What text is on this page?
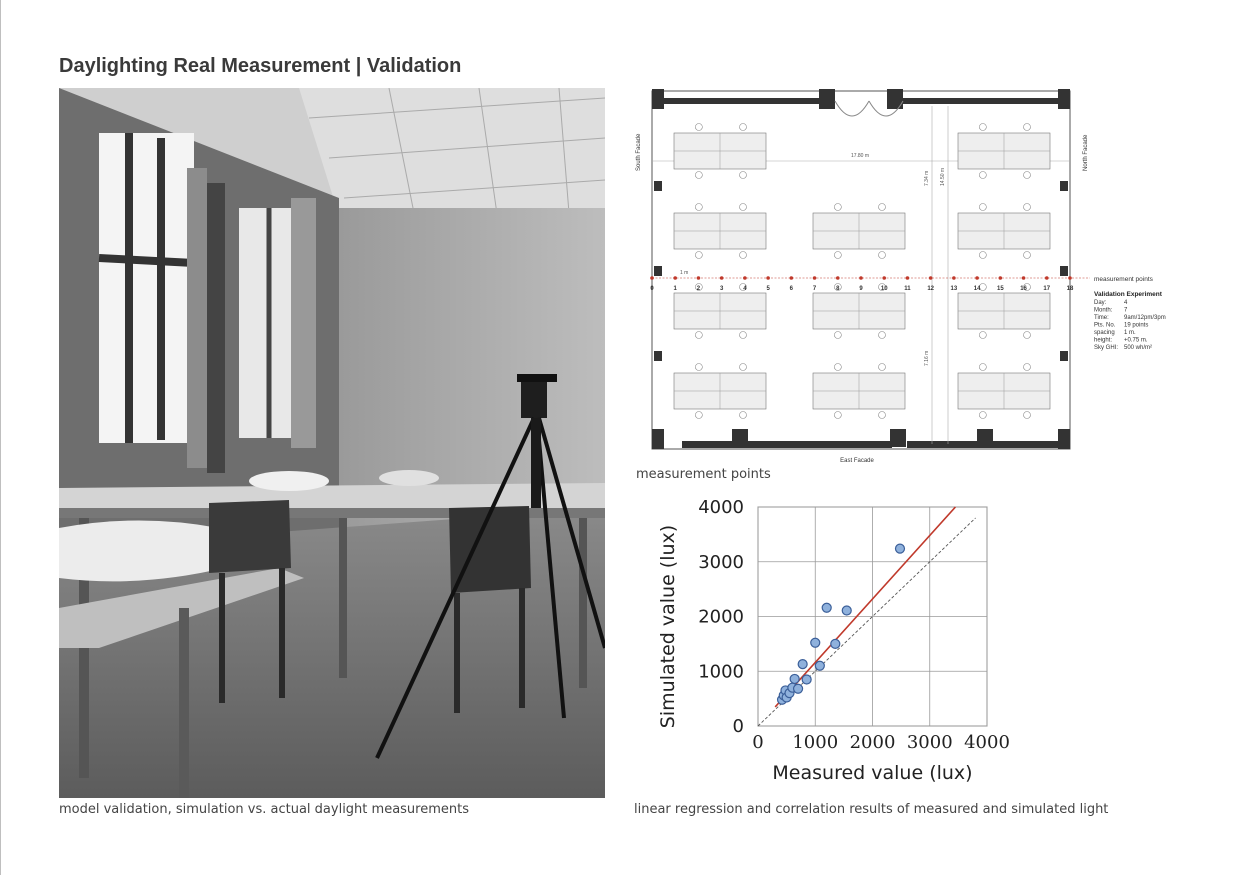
Daylighting Real Measurement | Validation
model validation, simulation vs. actual daylight measurements
0	1	2	3	4	5	6	7	8	9	10	11	12	13	14	15	16	17	18
17.80 m
1 m
7.34 m 14.50 m
7.16 m
South Facade	North Facade
East Facade
measurement points
Validation Experiment
Day:	4
Month: 7
Time:	9am/12pm/3pm
Pts. No. 19 points
spacing 1 m.
height: +0.75 m.
Sky GHI: 500 wh/m²
measurement points
0
0
1000
1000
2000
2000
3000
3000
4000
4000
Measured value (lux)
Simulated value (lux)
linear regression and correlation results of measured and simulated light
